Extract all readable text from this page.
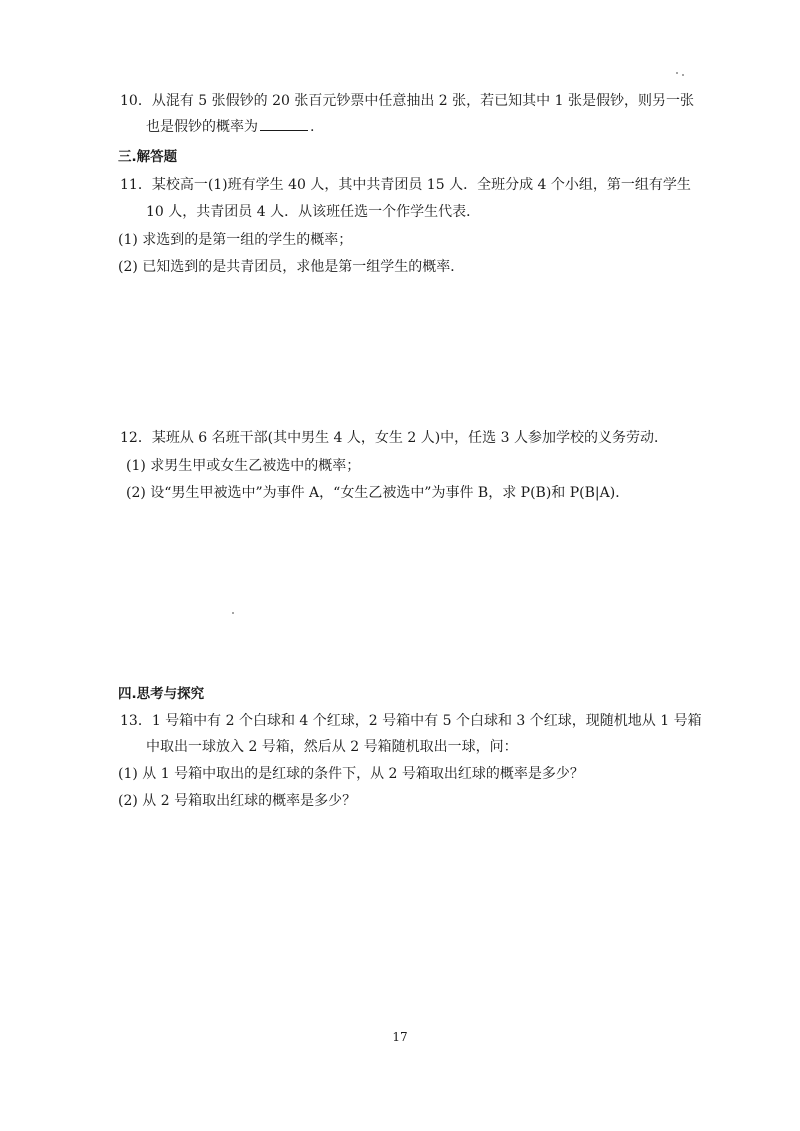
10．从混有 5 张假钞的 20 张百元钞票中任意抽出 2 张，若已知其中 1 张是假钞，则另一张
也是假钞的概率为	.
三.解答题
11．某校高一(1)班有学生 40 人，其中共青团员 15 人．全班分成 4 个小组，第一组有学生
10 人，共青团员 4 人．从该班任选一个作学生代表．
(1) 求选到的是第一组的学生的概率；
(2) 已知选到的是共青团员，求他是第一组学生的概率．
12．某班从 6 名班干部(其中男生 4 人，女生 2 人)中，任选 3 人参加学校的义务劳动．
(1) 求男生甲或女生乙被选中的概率；
(2) 设“男生甲被选中”为事件 A，“女生乙被选中”为事件 B，求 P(B)和 P(B|A)．
四.思考与探究
13．1 号箱中有 2 个白球和 4 个红球，2 号箱中有 5 个白球和 3 个红球，现随机地从 1 号箱
中取出一球放入 2 号箱，然后从 2 号箱随机取出一球，问：
(1) 从 1 号箱中取出的是红球的条件下，从 2 号箱取出红球的概率是多少？
(2) 从 2 号箱取出红球的概率是多少？
17
